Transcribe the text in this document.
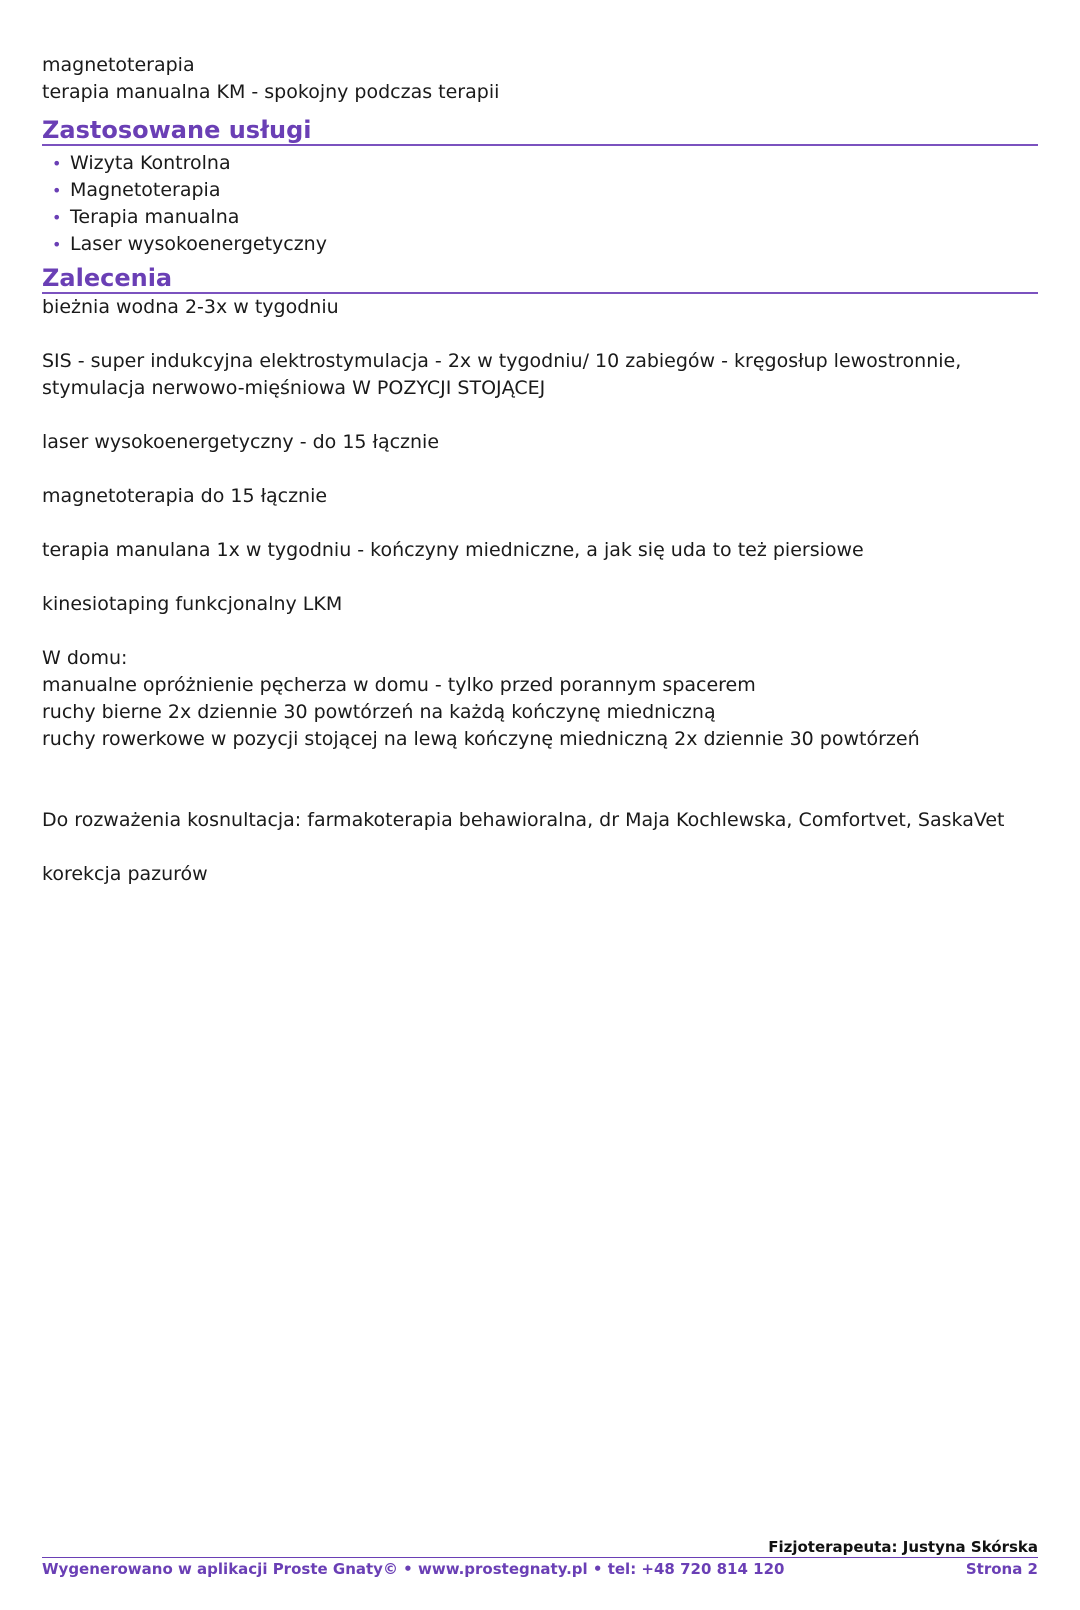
magnetoterapia
terapia manualna KM - spokojny podczas terapii
Zastosowane usługi
• Wizyta Kontrolna
• Magnetoterapia
• Terapia manualna
• Laser wysokoenergetyczny
Zalecenia
bieżnia wodna 2-3x w tygodniu
SIS - super indukcyjna elektrostymulacja - 2x w tygodniu/ 10 zabiegów - kręgosłup lewostronnie,
stymulacja nerwowo-mięśniowa W POZYCJI STOJĄCEJ
laser wysokoenergetyczny - do 15 łącznie
magnetoterapia do 15 łącznie
terapia manulana 1x w tygodniu - kończyny miedniczne, a jak się uda to też piersiowe
kinesiotaping funkcjonalny LKM
W domu:
manualne opróżnienie pęcherza w domu - tylko przed porannym spacerem
ruchy bierne 2x dziennie 30 powtórzeń na każdą kończynę miedniczną
ruchy rowerkowe w pozycji stojącej na lewą kończynę miedniczną 2x dziennie 30 powtórzeń
Do rozważenia kosnultacja: farmakoterapia behawioralna, dr Maja Kochlewska, Comfortvet, SaskaVet
korekcja pazurów
Fizjoterapeuta: Justyna Skórska
Wygenerowano w aplikacji Proste Gnaty© • www.prostegnaty.pl • tel: +48 720 814 120	Strona 2
